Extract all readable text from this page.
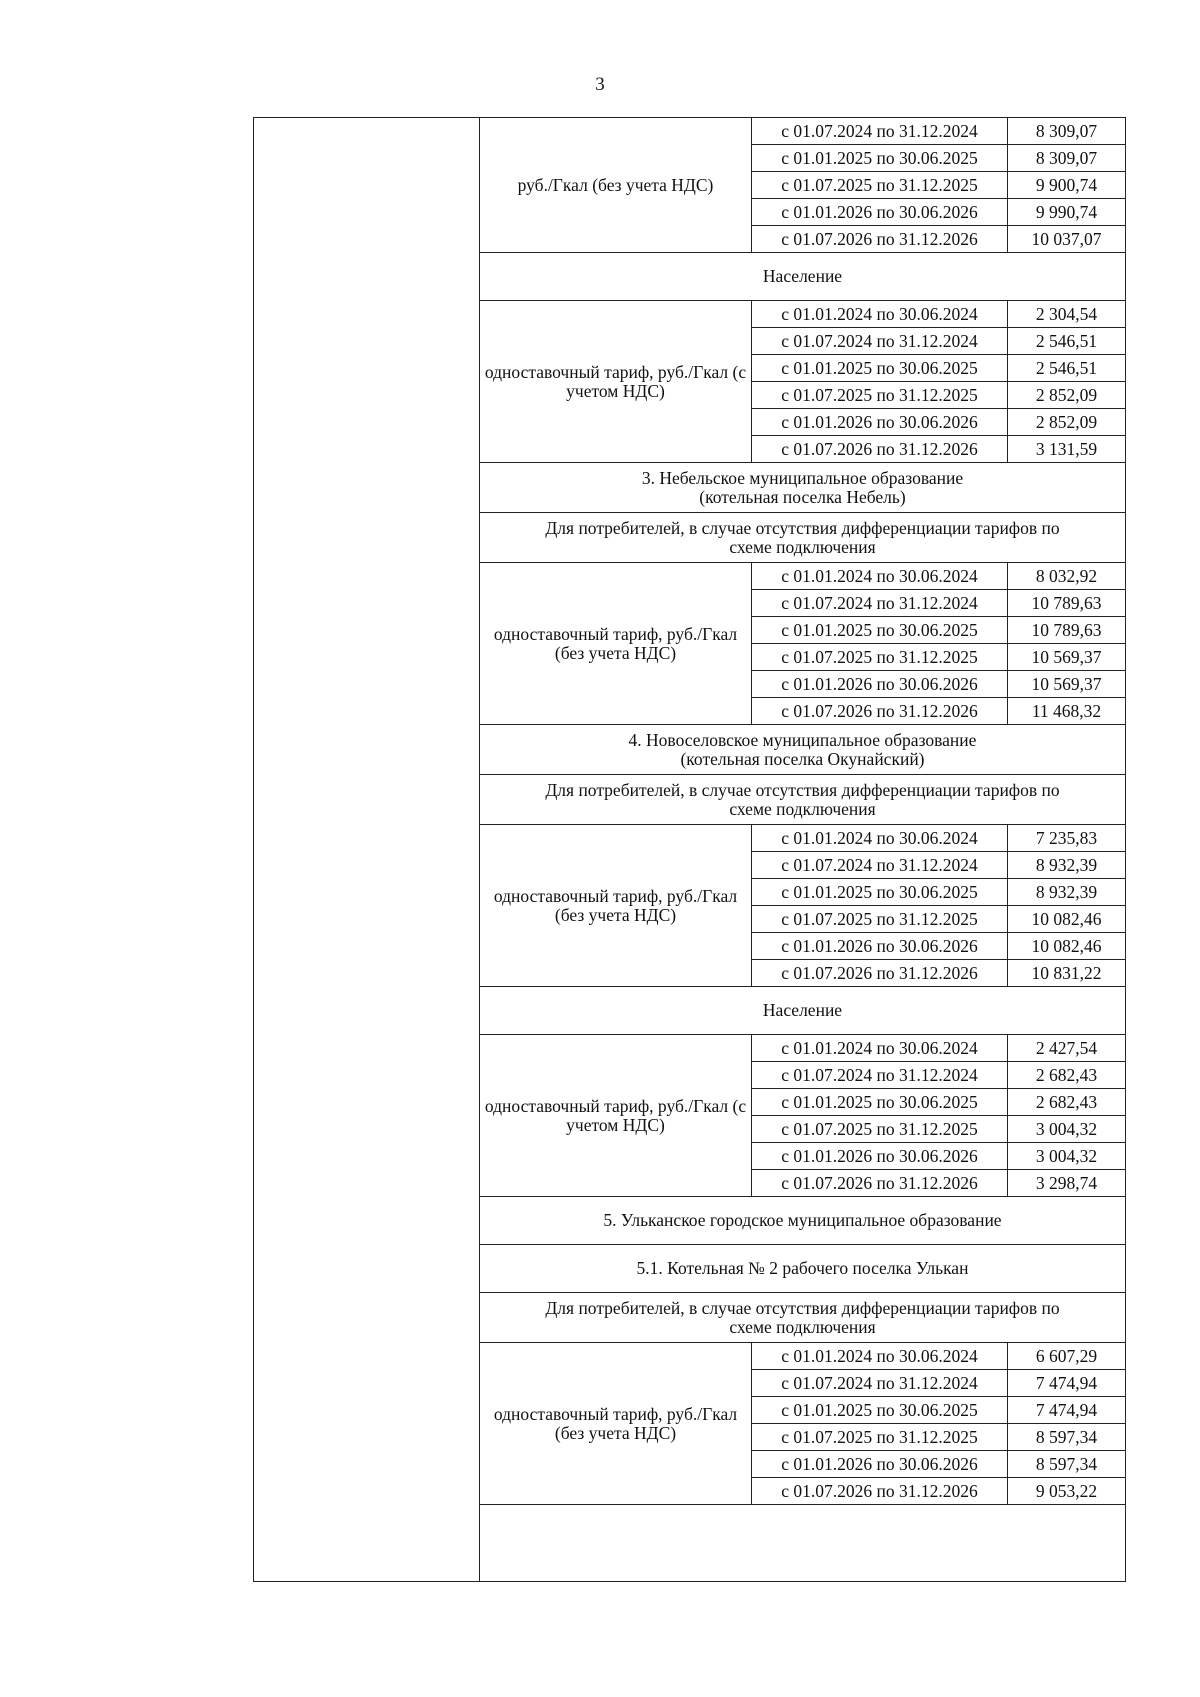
3
руб./Гкал (без учета НДС)	с 01.07.2024 по 31.12.2024	8 309,07
	с 01.01.2025 по 30.06.2025	8 309,07
	с 01.07.2025 по 31.12.2025	9 900,74
	с 01.01.2026 по 30.06.2026	9 990,74
	с 01.07.2026 по 31.12.2026	10 037,07
Население		
одноставочный тариф, руб./Гкал (с учетом НДС)	с 01.01.2024 по 30.06.2024	2 304,54
	с 01.07.2024 по 31.12.2024	2 546,51
	с 01.01.2025 по 30.06.2025	2 546,51
	с 01.07.2025 по 31.12.2025	2 852,09
	с 01.01.2026 по 30.06.2026	2 852,09
	с 01.07.2026 по 31.12.2026	3 131,59
3. Небельское муниципальное образование
(котельная поселка Небель)		
Для потребителей, в случае отсутствия дифференциации тарифов по
схеме подключения		
одноставочный тариф, руб./Гкал (без учета НДС)	с 01.01.2024 по 30.06.2024	8 032,92
	с 01.07.2024 по 31.12.2024	10 789,63
	с 01.01.2025 по 30.06.2025	10 789,63
	с 01.07.2025 по 31.12.2025	10 569,37
	с 01.01.2026 по 30.06.2026	10 569,37
	с 01.07.2026 по 31.12.2026	11 468,32
4. Новоселовское муниципальное образование
(котельная поселка Окунайский)		
Для потребителей, в случае отсутствия дифференциации тарифов по
схеме подключения		
одноставочный тариф, руб./Гкал (без учета НДС)	с 01.01.2024 по 30.06.2024	7 235,83
	с 01.07.2024 по 31.12.2024	8 932,39
	с 01.01.2025 по 30.06.2025	8 932,39
	с 01.07.2025 по 31.12.2025	10 082,46
	с 01.01.2026 по 30.06.2026	10 082,46
	с 01.07.2026 по 31.12.2026	10 831,22
Население		
одноставочный тариф, руб./Гкал (с учетом НДС)	с 01.01.2024 по 30.06.2024	2 427,54
	с 01.07.2024 по 31.12.2024	2 682,43
	с 01.01.2025 по 30.06.2025	2 682,43
	с 01.07.2025 по 31.12.2025	3 004,32
	с 01.01.2026 по 30.06.2026	3 004,32
	с 01.07.2026 по 31.12.2026	3 298,74
5. Ульканское городское муниципальное образование		
5.1. Котельная № 2 рабочего поселка Улькан		
Для потребителей, в случае отсутствия дифференциации тарифов по
схеме подключения		
одноставочный тариф, руб./Гкал (без учета НДС)	с 01.01.2024 по 30.06.2024	6 607,29
	с 01.07.2024 по 31.12.2024	7 474,94
	с 01.01.2025 по 30.06.2025	7 474,94
	с 01.07.2025 по 31.12.2025	8 597,34
	с 01.01.2026 по 30.06.2026	8 597,34
	с 01.07.2026 по 31.12.2026	9 053,22
